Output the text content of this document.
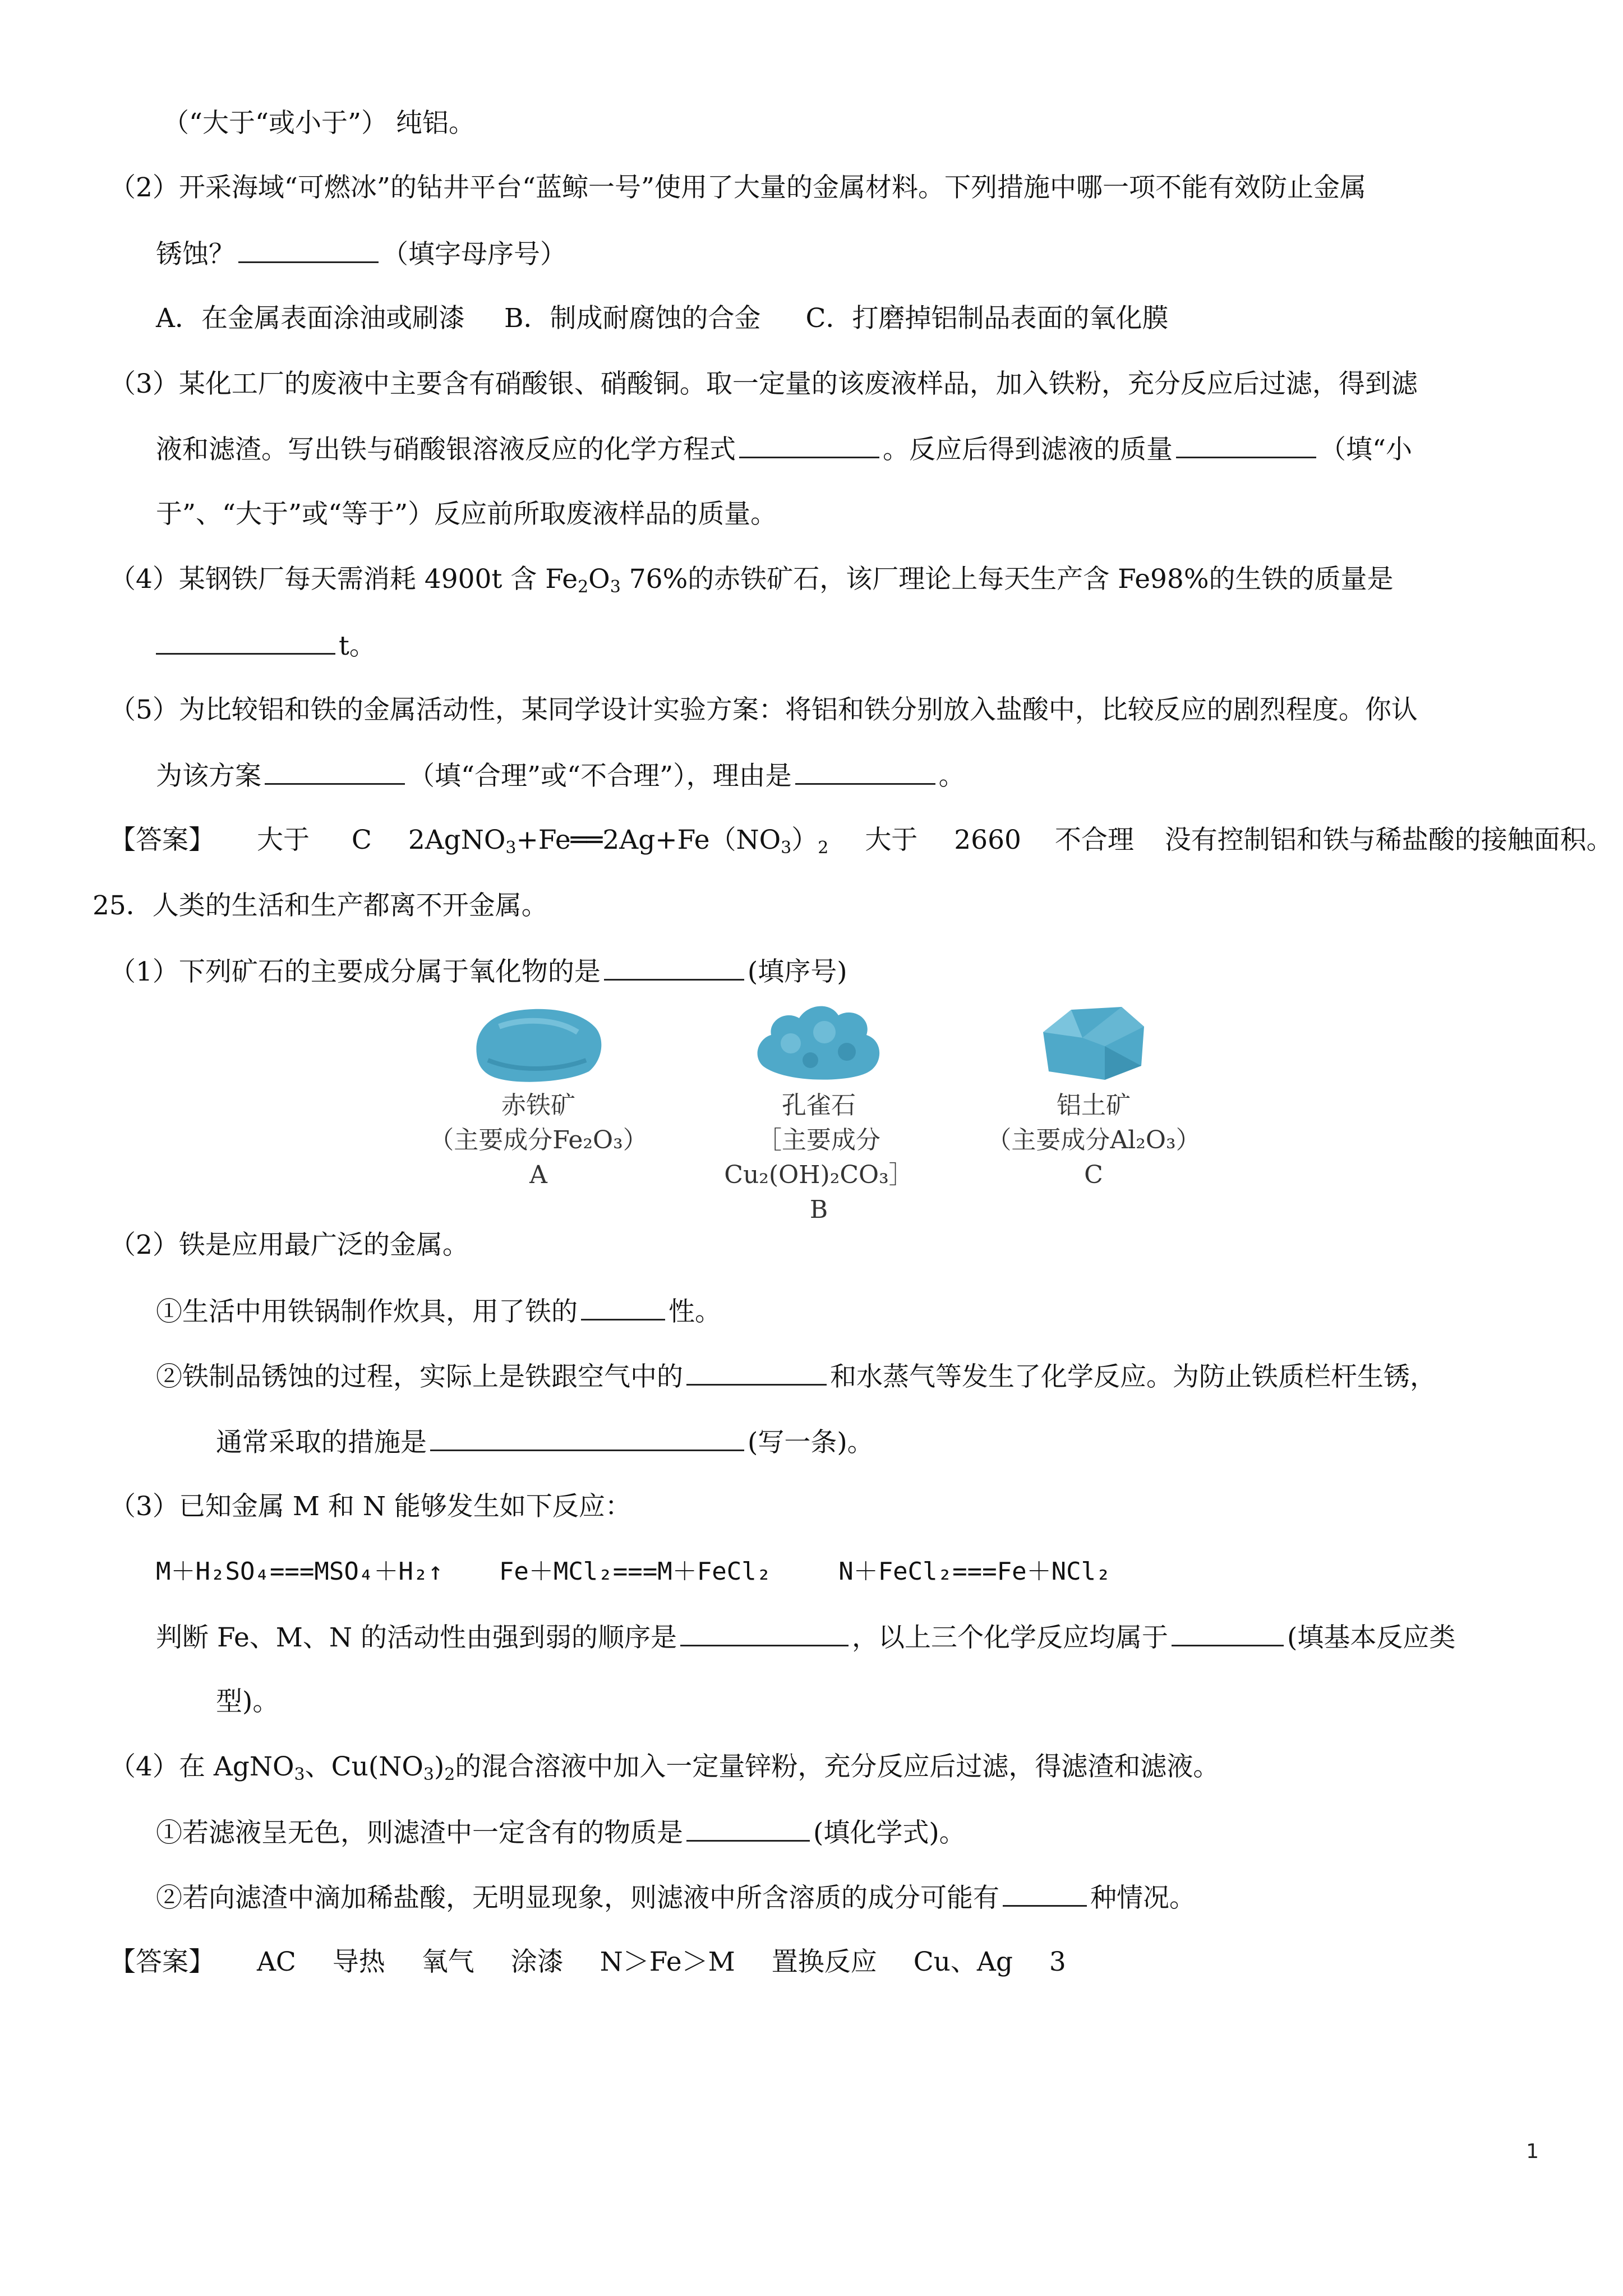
（“大于“或小于”） 纯铝。
（2）开采海域“可燃冰”的钻井平台“蓝鲸一号”使用了大量的金属材料。下列措施中哪一项不能有效防止金属
锈蚀？	（填字母序号）
A．在金属表面涂油或刷漆 B．制成耐腐蚀的合金 C．打磨掉铝制品表面的氧化膜
（3）某化工厂的废液中主要含有硝酸银、硝酸铜。取一定量的该废液样品，加入铁粉，充分反应后过滤，得到滤
液和滤渣。写出铁与硝酸银溶液反应的化学方程式	。反应后得到滤液的质量	（填“小
于”、“大于”或“等于”）反应前所取废液样品的质量。
（4）某钢铁厂每天需消耗 4900t 含 $Fe_2O_3$ 76%的赤铁矿石，该厂理论上每天生产含 Fe98%的生铁的质量是
t。
（5）为比较铝和铁的金属活动性，某同学设计实验方案：将铝和铁分别放入盐酸中，比较反应的剧烈程度。你认
为该方案	（填“合理”或“不合理”），理由是	。
【答案】 大于 C $2AgNO_3+Fe══2Ag+Fe(NO_3)_2$ 大于 2660 不合理 没有控制铝和铁与稀盐酸的接触面积。
25．人类的生活和生产都离不开金属。
（1）下列矿石的主要成分属于氧化物的是	(填序号)
赤铁矿
（主要成分Fe₂O₃）
A
孔雀石
［主要成分Cu₂(OH)₂CO₃］
B
铝土矿
（主要成分Al₂O₃）
C
（2）铁是应用最广泛的金属。
①生活中用铁锅制作炊具，用了铁的	性。
②铁制品锈蚀的过程，实际上是铁跟空气中的	和水蒸气等发生了化学反应。为防止铁质栏杆生锈，
通常采取的措施是	(写一条)。
（3）已知金属 M 和 N 能够发生如下反应：
M＋H₂SO₄===MSO₄＋H₂↑ Fe＋MCl₂===M＋FeCl₂	N＋FeCl₂===Fe＋NCl₂
判断 Fe、M、N 的活动性由强到弱的顺序是	，以上三个化学反应均属于	(填基本反应类
型)。
（4）在 AgNO$_3$、$Cu(NO_3)_2$的混合溶液中加入一定量锌粉，充分反应后过滤，得滤渣和滤液。
①若滤液呈无色，则滤渣中一定含有的物质是	(填化学式)。
②若向滤渣中滴加稀盐酸，无明显现象，则滤液中所含溶质的成分可能有	种情况。
【答案】 AC 导热 氧气 涂漆 N＞Fe＞M 置换反应 Cu、Ag 3
1
